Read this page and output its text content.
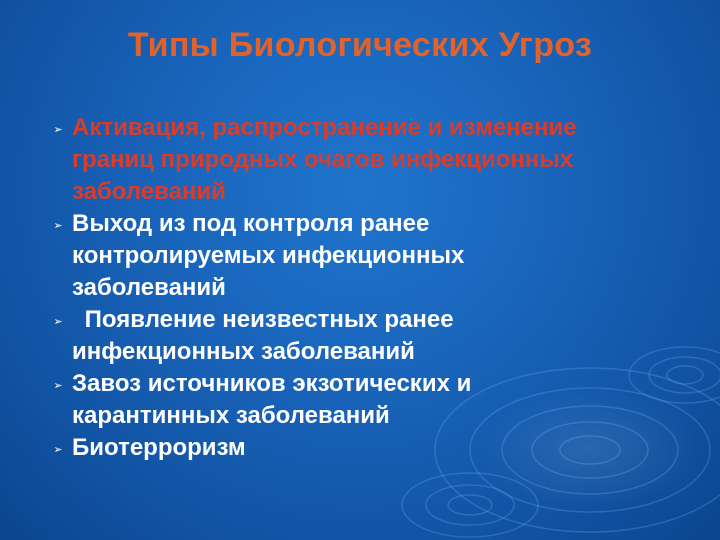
Типы Биологических Угроз
➢ Активация, распространение и изменение
границ природных очагов инфекционных
заболеваний
➢ Выход из под контроля ранее
контролируемых инфекционных
заболеваний
➢ Появление неизвестных ранее
инфекционных заболеваний
➢ Завоз источников экзотических и
карантинных заболеваний
➢ Биотерроризм
